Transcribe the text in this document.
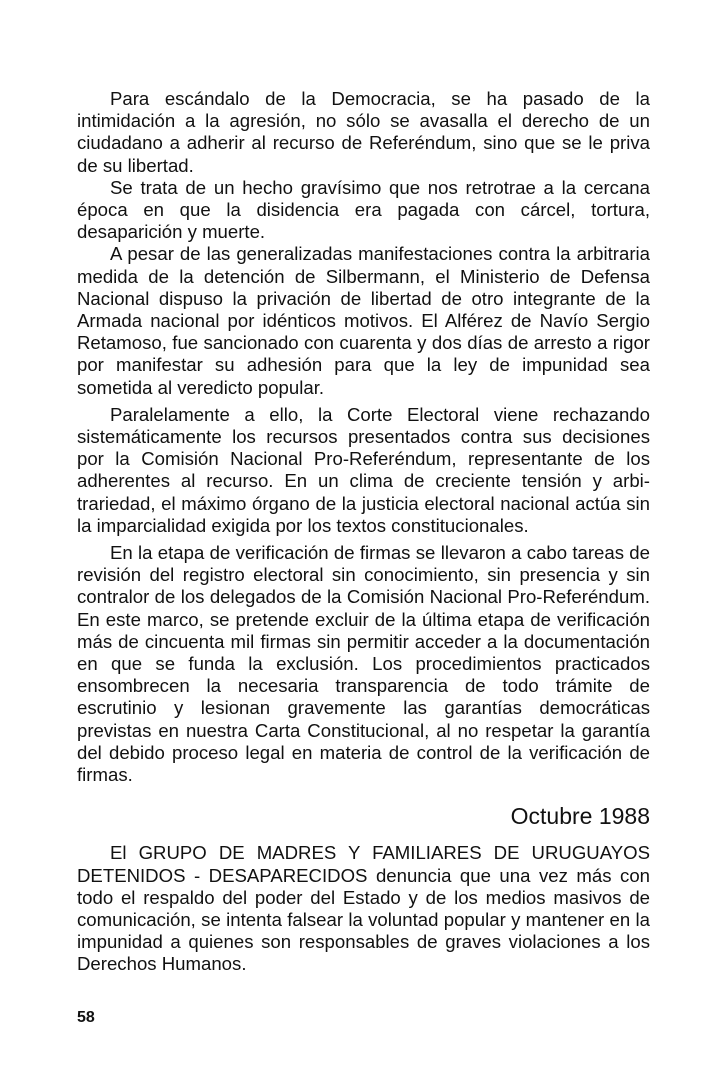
Para escándalo de la Democracia, se ha pasado de la intimidación a la agresión, no sólo se avasalla el derecho de un ciudadano a adherir al recurso de Referéndum, sino que se le priva de su libertad.

Se trata de un hecho gravísimo que nos retrotrae a la cercana época en que la disidencia era pagada con cárcel, tortura, desaparición y muerte.

A pesar de las generalizadas manifestaciones contra la arbitraria medida de la detención de Silbermann, el Ministerio de Defensa Nacional dispuso la privación de libertad de otro integrante de la Armada nacional por idénticos motivos. El Alférez de Navío Sergio Retamoso, fue sancionado con cuarenta y dos días de arresto a rigor por manifestar su adhesión para que la ley de impunidad sea sometida al veredicto popular.

Paralelamente a ello, la Corte Electoral viene rechazando sistemáticamente los recursos presentados contra sus decisiones por la Comisión Nacional Pro-Referéndum, representante de los adherentes al recurso. En un clima de creciente tensión y arbitrariedad, el máximo órgano de la justicia electoral nacional actúa sin la imparcialidad exigida por los textos constitucionales.

En la etapa de verificación de firmas se llevaron a cabo tareas de revisión del registro electoral sin conocimiento, sin presencia y sin contralor de los delegados de la Comisión Nacional Pro-Referéndum. En este marco, se pretende excluir de la última etapa de verificación más de cincuenta mil firmas sin permitir acceder a la documentación en que se funda la exclusión. Los procedimientos practicados ensombrecen la necesaria transparencia de todo trámite de escrutinio y lesionan gravemente las garantías democráticas previstas en nuestra Carta Constitucional, al no respetar la garantía del debido proceso legal en materia de control de la verificación de firmas.

Octubre 1988

El GRUPO DE MADRES Y FAMILIARES DE URUGUAYOS DETENIDOS - DESAPARECIDOS denuncia que una vez más con todo el respaldo del poder del Estado y de los medios masivos de comunicación, se intenta falsear la voluntad popular y mantener en la impunidad a quienes son responsables de graves violaciones a los Derechos Humanos.

58
